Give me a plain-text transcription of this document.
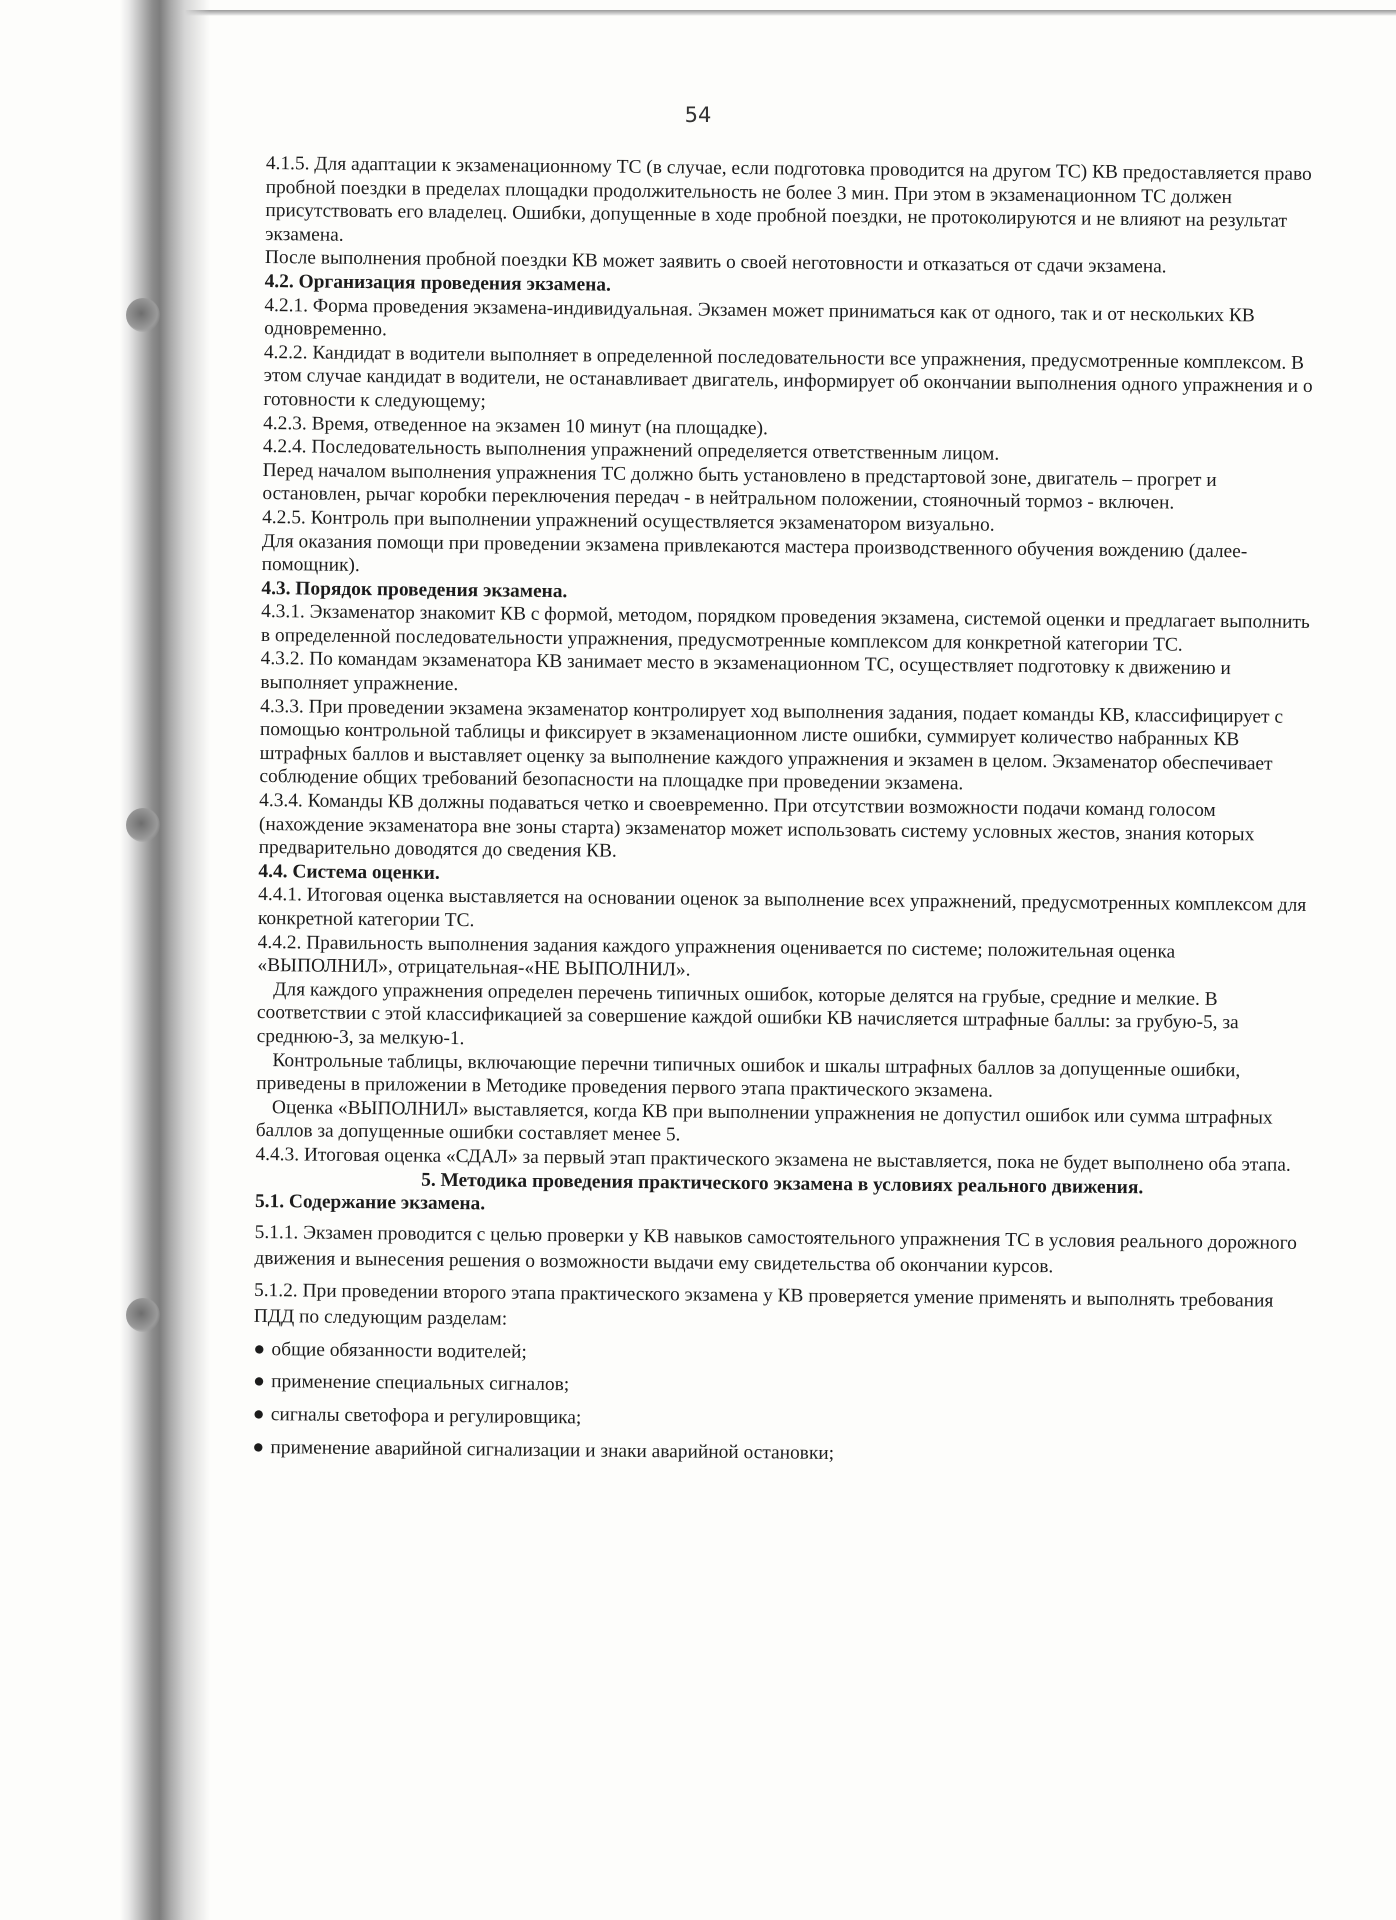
54

4.1.5. Для адаптации к экзаменационному ТС (в случае, если подготовка проводится на другом ТС) КВ предоставляется право пробной поездки в пределах площадки продолжительность не более 3 мин. При этом в экзаменационном ТС должен присутствовать его владелец. Ошибки, допущенные в ходе пробной поездки, не протоколируются и не влияют на результат экзамена.

После выполнения пробной поездки КВ может заявить о своей неготовности и отказаться от сдачи экзамена.

4.2. Организация проведения экзамена.

4.2.1. Форма проведения экзамена-индивидуальная. Экзамен может приниматься как от одного, так и от нескольких КВ одновременно.

4.2.2. Кандидат в водители выполняет в определенной последовательности все упражнения, предусмотренные комплексом. В этом случае кандидат в водители, не останавливает двигатель, информирует об окончании выполнения одного упражнения и о готовности к следующему;

4.2.3. Время, отведенное на экзамен 10 минут (на площадке).

4.2.4. Последовательность выполнения упражнений определяется ответственным лицом.

Перед началом выполнения упражнения ТС должно быть установлено в предстартовой зоне, двигатель – прогрет и остановлен, рычаг коробки переключения передач - в нейтральном положении, стояночный тормоз - включен.

4.2.5. Контроль при выполнении упражнений осуществляется экзаменатором визуально.

Для оказания помощи при проведении экзамена привлекаются мастера производственного обучения вождению (далее-помощник).

4.3. Порядок проведения экзамена.

4.3.1. Экзаменатор знакомит КВ с формой, методом, порядком проведения экзамена, системой оценки и предлагает выполнить в определенной последовательности упражнения, предусмотренные комплексом для конкретной категории ТС.

4.3.2. По командам экзаменатора КВ занимает место в экзаменационном ТС, осуществляет подготовку к движению и выполняет упражнение.

4.3.3. При проведении экзамена экзаменатор контролирует ход выполнения задания, подает команды КВ, классифицирует с помощью контрольной таблицы и фиксирует в экзаменационном листе ошибки, суммирует количество набранных КВ штрафных баллов и выставляет оценку за выполнение каждого упражнения и экзамен в целом. Экзаменатор обеспечивает соблюдение общих требований безопасности на площадке при проведении экзамена.

4.3.4. Команды КВ должны подаваться четко и своевременно. При отсутствии возможности подачи команд голосом (нахождение экзаменатора вне зоны старта) экзаменатор может использовать систему условных жестов, знания которых предварительно доводятся до сведения КВ.

4.4. Система оценки.

4.4.1. Итоговая оценка выставляется на основании оценок за выполнение всех упражнений, предусмотренных комплексом для конкретной категории ТС.

4.4.2. Правильность выполнения задания каждого упражнения оценивается по системе; положительная оценка «ВЫПОЛНИЛ», отрицательная-«НЕ ВЫПОЛНИЛ».

Для каждого упражнения определен перечень типичных ошибок, которые делятся на грубые, средние и мелкие. В соответствии с этой классификацией за совершение каждой ошибки КВ начисляется штрафные баллы: за грубую-5, за среднюю-3, за мелкую-1.

Контрольные таблицы, включающие перечни типичных ошибок и шкалы штрафных баллов за допущенные ошибки, приведены в приложении в Методике проведения первого этапа практического экзамена.

Оценка «ВЫПОЛНИЛ» выставляется, когда КВ при выполнении упражнения не допустил ошибок или сумма штрафных баллов за допущенные ошибки составляет менее 5.

4.4.3. Итоговая оценка «СДАЛ» за первый этап практического экзамена не выставляется, пока не будет выполнено оба этапа.

5. Методика проведения практического экзамена в условиях реального движения.

5.1. Содержание экзамена.

5.1.1. Экзамен проводится с целью проверки у КВ навыков самостоятельного упражнения ТС в условия реального дорожного движения и вынесения решения о возможности выдачи ему свидетельства об окончании курсов.

5.1.2. При проведении второго этапа практического экзамена у КВ проверяется умение применять и выполнять требования ПДД по следующим разделам:

● общие обязанности водителей;
● применение специальных сигналов;
● сигналы светофора и регулировщика;
● применение аварийной сигнализации и знаки аварийной остановки;
